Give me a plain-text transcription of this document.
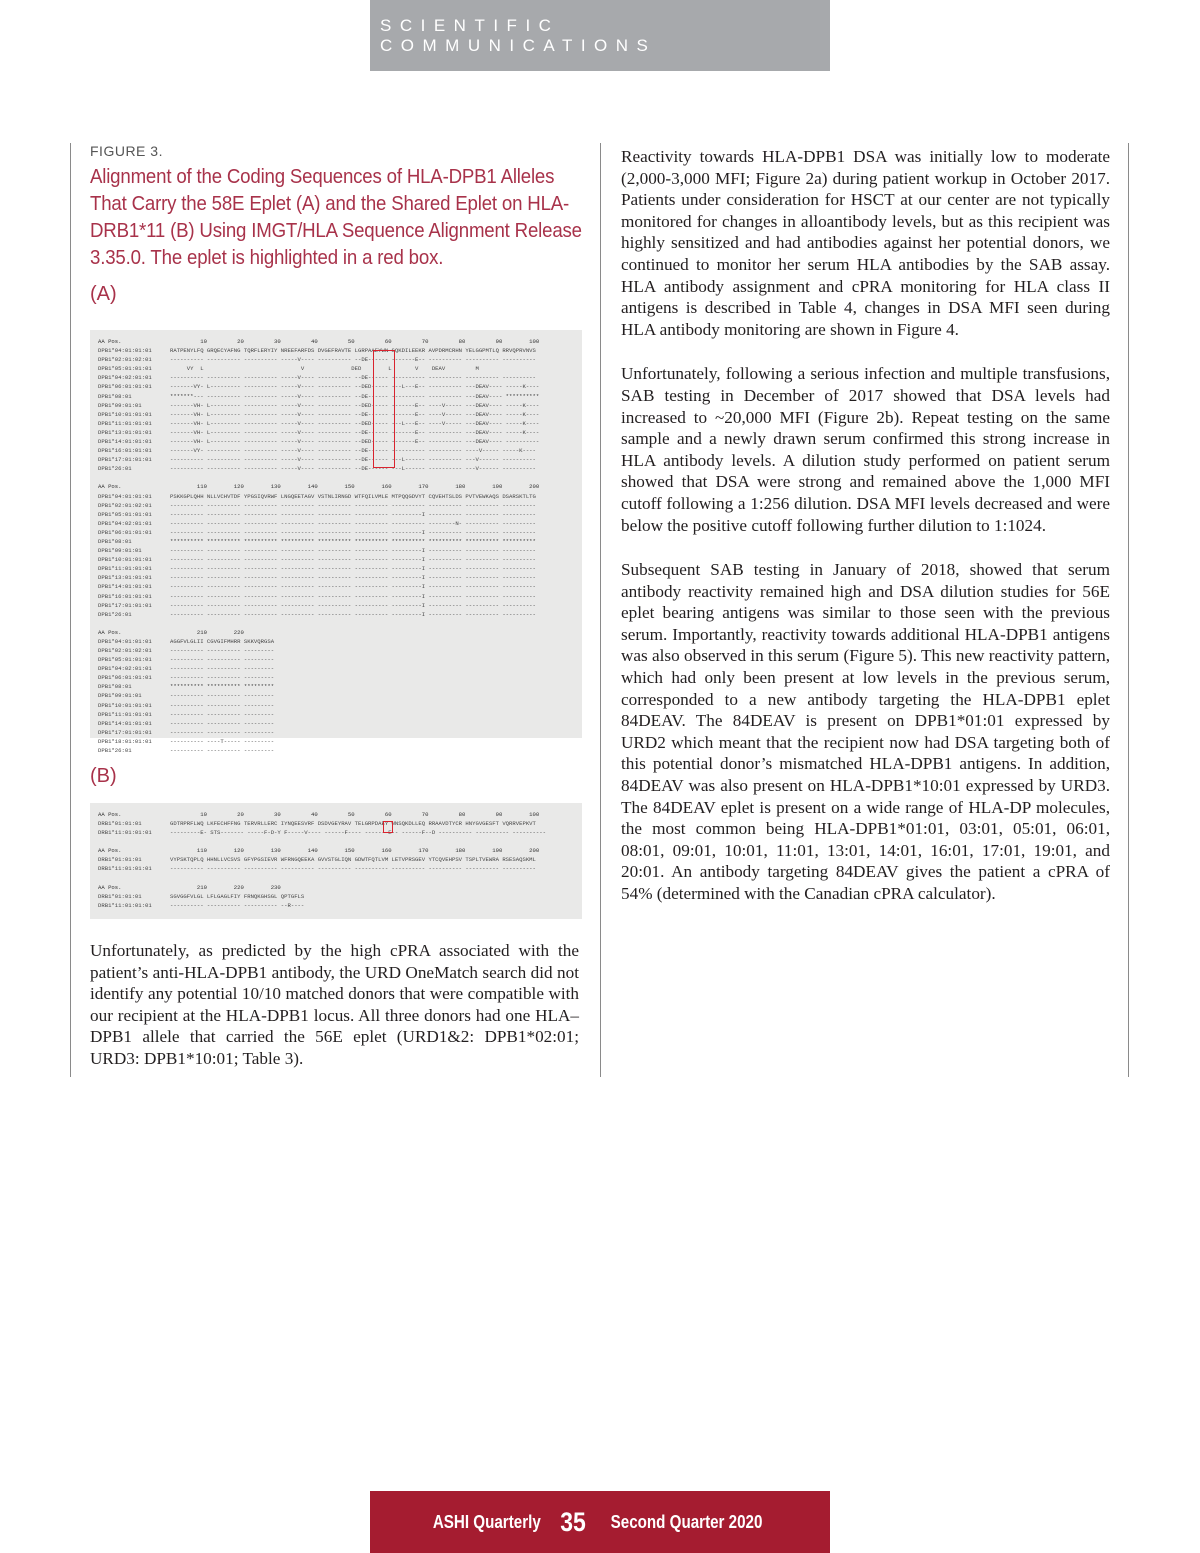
SCIENTIFIC COMMUNICATIONS
FIGURE 3.
Alignment of the Coding Sequences of HLA-DPB1 Alleles That Carry the 58E Eplet (A) and the Shared Eplet on HLA-DRB1*11 (B) Using IMGT/HLA Sequence Alignment Release 3.35.0. The eplet is highlighted in a red box.
(A)
AA Pos.	10         20         30         40         50         60         70         80         90        100
DPB1*04:01:01:01	RATPENYLFQ GRQECYAFNG TQRFLERYIY NREEFARFDS DVGEFRAVTE LGRPAAEYWN SQKDILEEKR AVPDRMCRHN YELGGPMTLQ RRVQPRVNVS
DPB1*02:01:02:01	---------- ---------- ---------- -----V---- ---------- --DE------ -------E-- ---------- ---------- ----------
DPB1*05:01:01:01	VY  L                             V              DED        L       V    DEAV         M
DPB1*04:02:01:01	---------- ---------- ---------- -----V---- ---------- --DE------ ---------- ---------- ---------- ----------
DPB1*06:01:01:01	-------VY- L--------- ---------- -----V---- ---------- --DED----- ---L---E-- ---------- ---DEAV---- -----K----
DPB1*08:01	*******--- ---------- ---------- -----V---- ---------- --DE------ ---------- ---------- ---DEAV---- **********
DPB1*09:01:01	-------VH- L--------- ---------- -----V---- ---------- --DED----- -------E-- ----V----- ---DEAV---- -----K----
DPB1*10:01:01:01	-------VH- L--------- ---------- -----V---- ---------- --DE------ -------E-- ----V----- ---DEAV---- -----K----
DPB1*11:01:01:01	-------VH- L--------- ---------- -----V---- ---------- --DED----- ---L---E-- ----V----- ---DEAV---- -----K----
DPB1*13:01:01:01	-------VH- L--------- ---------- -----V---- ---------- --DE------ -------E-- ---------- ---DEAV---- -----K----
DPB1*14:01:01:01	-------VH- L--------- ---------- -----V---- ---------- --DED----- -------E-- ---------- ---DEAV---- ----------
DPB1*16:01:01:01	-------VY- ---------- ---------- -----V---- ---------- --DE------ ---------- ---------- ----V----- -----K----
DPB1*17:01:01:01	---------- ---------- ---------- -----V---- ---------- --DE------ ---L------ ---------- ---V------ ----------
DPB1*26:01	---------- ---------- ---------- -----V---- ---------- --DE------ ---L------ ---------- ---V------ ----------
AA Pos.	110        120        130        140        150        160        170        180        190        200
DPB1*04:01:01:01	PSKKGPLQHH NLLVCHVTDF YPGSIQVRWF LNGQEETAGV VSTNLIRNGD WTFQILVMLE MTPQQGDVYT CQVEHTSLDS PVTVEWKAQS DSARSKTLTG
DPB1*02:01:02:01	---------- ---------- ---------- ---------- ---------- ---------- ---------- ---------- ---------- ----------
DPB1*05:01:01:01	---------- ---------- ---------- ---------- ---------- ---------- ---------I ---------- ---------- ----------
DPB1*04:02:01:01	---------- ---------- ---------- ---------- ---------- ---------- ---------- --------N- ---------- ----------
DPB1*06:01:01:01	---------- ---------- ---------- ---------- ---------- ---------- ---------I ---------- ---------- ----------
DPB1*08:01	********** ********** ********** ********** ********** ********** ********** ********** ********** **********
DPB1*09:01:01	---------- ---------- ---------- ---------- ---------- ---------- ---------I ---------- ---------- ----------
DPB1*10:01:01:01	---------- ---------- ---------- ---------- ---------- ---------- ---------I ---------- ---------- ----------
DPB1*11:01:01:01	---------- ---------- ---------- ---------- ---------- ---------- ---------I ---------- ---------- ----------
DPB1*13:01:01:01	---------- ---------- ---------- ---------- ---------- ---------- ---------I ---------- ---------- ----------
DPB1*14:01:01:01	---------- ---------- ---------- ---------- ---------- ---------- ---------I ---------- ---------- ----------
DPB1*16:01:01:01	---------- ---------- ---------- ---------- ---------- ---------- ---------I ---------- ---------- ----------
DPB1*17:01:01:01	---------- ---------- ---------- ---------- ---------- ---------- ---------I ---------- ---------- ----------
DPB1*26:01	---------- ---------- ---------- ---------- ---------- ---------- ---------I ---------- ---------- ----------
AA Pos.	210        220
DPB1*04:01:01:01	AGGFVLGLII CGVGIFMHRR SKKVQRGSA
DPB1*02:01:02:01	---------- ---------- ---------
DPB1*05:01:01:01	---------- ---------- ---------
DPB1*04:02:01:01	---------- ---------- ---------
DPB1*06:01:01:01	---------- ---------- ---------
DPB1*08:01	********** ********** *********
DPB1*09:01:01	---------- ---------- ---------
DPB1*10:01:01:01	---------- ---------- ---------
DPB1*11:01:01:01	---------- ---------- ---------
DPB1*14:01:01:01	---------- ---------- ---------
DPB1*17:01:01:01	---------- ---------- ---------
DPB1*18:01:01:01	---------- ----T----- ---------
DPB1*26:01	---------- ---------- ---------
(B)
AA Pos.	10         20         30         40         50         60         70         80         90        100
DRB1*01:01:01	GDTRPRFLWQ LKFECHFFNG TERVRLLERC IYNQEESVRF DSDVGEYRAV TELGRPDAEY WNSQKDLLEQ RRAAVDTYCR HNYGVGESFT VQRRVEPKVT
DRB1*11:01:01:01	---------E- STS------- -----F-D-Y F-----V---- ------F---- -------E-- ------F--D ---------- ---------- ----------
AA Pos.	110        120        130        140        150        160        170        180        190        200
DRB1*01:01:01	VYPSKTQPLQ HHNLLVCSVS GFYPGSIEVR WFRNGQEEKA GVVSTGLIQN GDWTFQTLVM LETVPRSGEV YTCQVEHPSV TSPLTVEWRA RSESAQSKML
DRB1*11:01:01:01	---------- ---------- ---------- ---------- ---------- ---------- ---------- ---------- ---------- ----------
AA Pos.	210        220        230
DRB1*01:01:01	SGVGGFVLGL LFLGAGLFIY FRNQKGHSGL QPTGFLS
DRB1*11:01:01:01	---------- ---------- ---------- --R----
Unfortunately, as predicted by the high cPRA associated with the patient’s anti-HLA-DPB1 antibody, the URD OneMatch search did not identify any potential 10/10 matched donors that were compatible with our recipient at the HLA-DPB1 locus. All three donors had one HLA–DPB1 allele that carried the 56E eplet (URD1&2: DPB1*02:01; URD3: DPB1*10:01; Table 3).

Reactivity towards HLA-DPB1 DSA was initially low to moderate (2,000-3,000 MFI; Figure 2a) during patient workup in October 2017. Patients under consideration for HSCT at our center are not typically monitored for changes in alloantibody levels, but as this recipient was highly sensitized and had antibodies against her potential donors, we continued to monitor her serum HLA antibodies by the SAB assay. HLA antibody assignment and cPRA monitoring for HLA class II antigens is described in Table 4, changes in DSA MFI seen during HLA antibody monitoring are shown in Figure 4.

Unfortunately, following a serious infection and multiple transfusions, SAB testing in December of 2017 showed that DSA levels had increased to ~20,000 MFI (Figure 2b). Repeat testing on the same sample and a newly drawn serum confirmed this strong increase in HLA antibody levels. A dilution study performed on patient serum showed that DSA were strong and remained above the 1,000 MFI cutoff following a 1:256 dilution. DSA MFI levels decreased and were below the positive cutoff following further dilution to 1:1024.

Subsequent SAB testing in January of 2018, showed that serum antibody reactivity remained high and DSA dilution studies for 56E eplet bearing antigens was similar to those seen with the previous serum. Importantly, reactivity towards additional HLA-DPB1 antigens was also observed in this serum (Figure 5). This new reactivity pattern, which had only been present at low levels in the previous serum, corresponded to a new antibody targeting the HLA-DPB1 eplet 84DEAV. The 84DEAV is present on DPB1*01:01 expressed by URD2 which meant that the recipient now had DSA targeting both of this potential donor’s mismatched HLA-DPB1 antigens. In addition, 84DEAV was also present on HLA-DPB1*10:01 expressed by URD3. The 84DEAV eplet is present on a wide range of HLA-DP molecules, the most common being HLA-DPB1*01:01, 03:01, 05:01, 06:01, 08:01, 09:01, 10:01, 11:01, 13:01, 14:01, 16:01, 17:01, 19:01, and 20:01. An antibody targeting 84DEAV gives the patient a cPRA of 54% (determined with the Canadian cPRA calculator).

ASHI Quarterly 35 Second Quarter 2020
